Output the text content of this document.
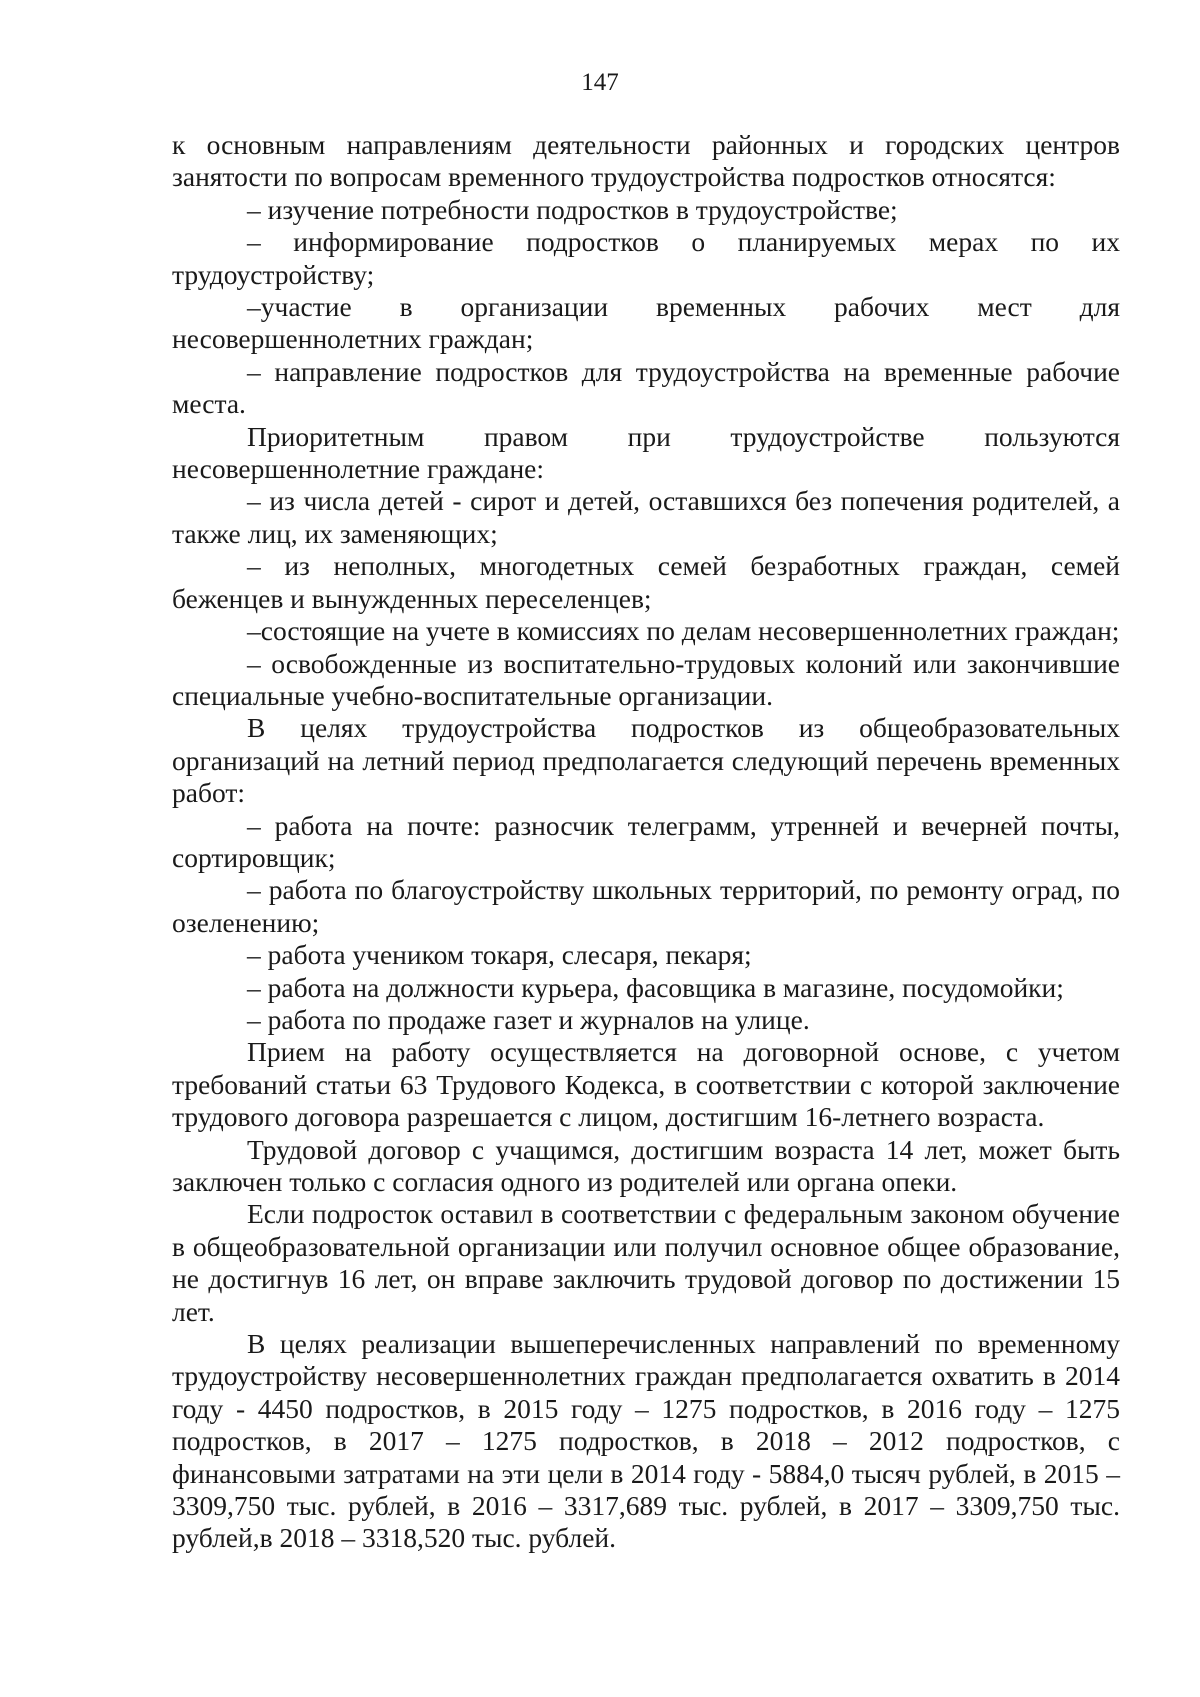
147

к основным направлениям деятельности районных и городских центров занятости по вопросам временного трудоустройства подростков относятся:

– изучение потребности подростков в трудоустройстве;

– информирование подростков о планируемых мерах по их трудоустройству;

–участие в организации временных рабочих мест для несовершеннолетних граждан;

– направление подростков для трудоустройства на временные рабочие места.

Приоритетным правом при трудоустройстве пользуются несовершеннолетние граждане:

– из числа детей - сирот и детей, оставшихся без попечения родителей, а также лиц, их заменяющих;

– из неполных, многодетных семей безработных граждан, семей беженцев и вынужденных переселенцев;

–состоящие на учете в комиссиях по делам несовершеннолетних граждан;

– освобожденные из воспитательно-трудовых колоний или закончившие специальные учебно-воспитательные организации.

В целях трудоустройства подростков из общеобразовательных организаций на летний период предполагается следующий перечень временных работ:

– работа на почте: разносчик телеграмм, утренней и вечерней почты, сортировщик;

– работа по благоустройству школьных территорий, по ремонту оград, по озеленению;

– работа учеником токаря, слесаря, пекаря;

– работа на должности курьера, фасовщика в магазине, посудомойки;

– работа по продаже газет и журналов на улице.

Прием на работу осуществляется на договорной основе, с учетом требований статьи 63 Трудового Кодекса, в соответствии с которой заключение трудового договора разрешается с лицом, достигшим 16-летнего возраста.

Трудовой договор с учащимся, достигшим возраста 14 лет, может быть заключен только с согласия одного из родителей или органа опеки.

Если подросток оставил в соответствии с федеральным законом обучение в общеобразовательной организации или получил основное общее образование, не достигнув 16 лет, он вправе заключить трудовой договор по достижении 15 лет.

В целях реализации вышеперечисленных направлений по временному трудоустройству несовершеннолетних граждан предполагается охватить в 2014 году - 4450 подростков, в 2015 году – 1275 подростков, в 2016 году – 1275 подростков, в 2017 – 1275 подростков, в 2018 – 2012 подростков, с финансовыми затратами на эти цели в 2014 году - 5884,0 тысяч рублей, в 2015 – 3309,750 тыс. рублей, в 2016 – 3317,689 тыс. рублей, в 2017 – 3309,750 тыс. рублей,в 2018 – 3318,520 тыс. рублей.
